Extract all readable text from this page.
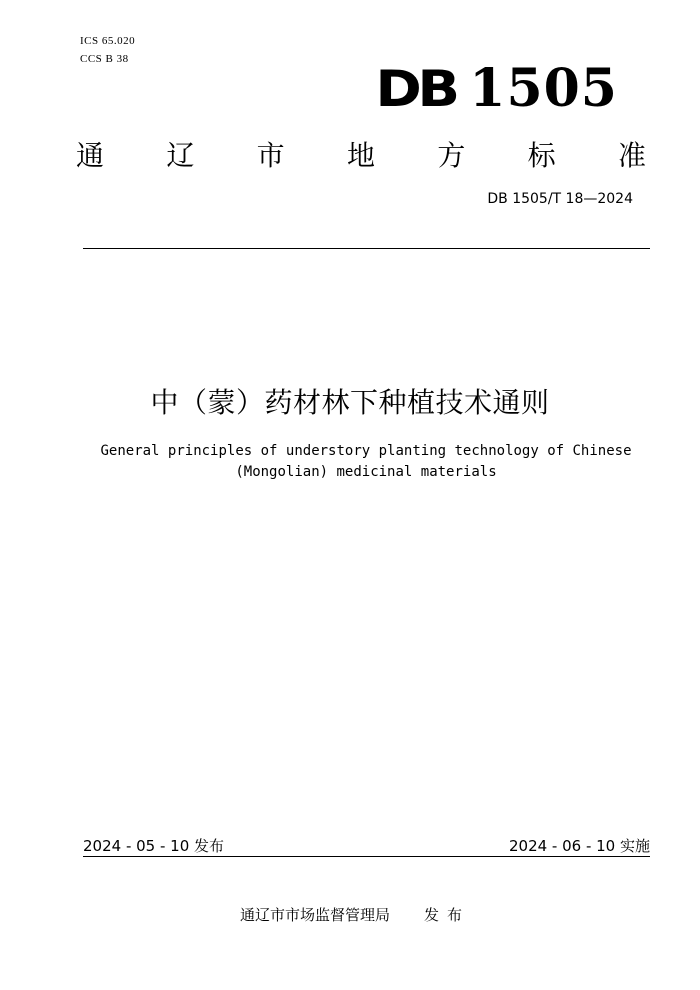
ICS 65.020
CCS B 38
DB 1505
通 辽 市 地 方 标 准
DB 1505/T 18—2024
中（蒙）药材林下种植技术通则
General principles of understory planting technology of Chinese
(Mongolian) medicinal materials
2024 - 05 - 10 发布	2024 - 06 - 10 实施
通辽市市场监督管理局 发布
